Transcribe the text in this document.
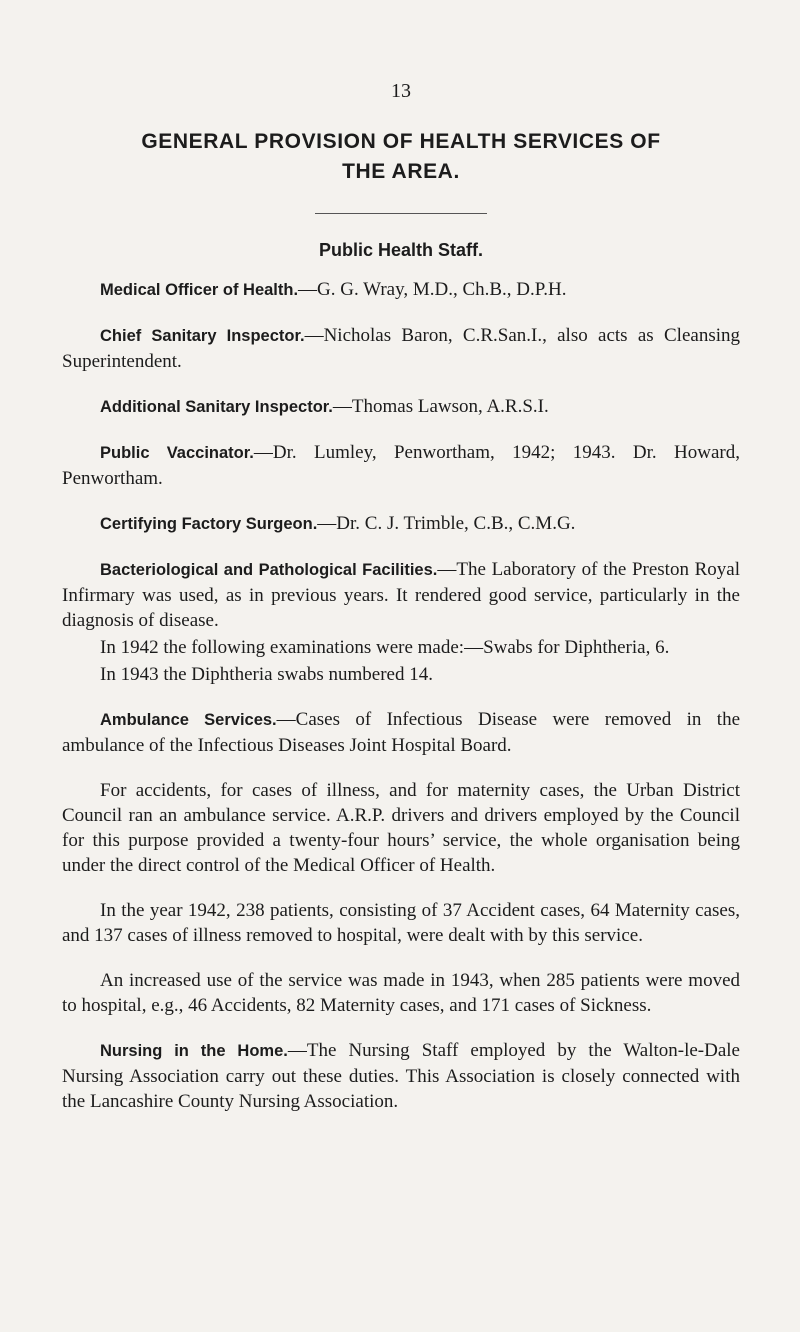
13

GENERAL PROVISION OF HEALTH SERVICES OF
THE AREA.
Public Health Staff.

Medical Officer of Health.—G. G. Wray, M.D., Ch.B., D.P.H.

Chief Sanitary Inspector.—Nicholas Baron, C.R.San.I., also acts as Cleansing Superintendent.

Additional Sanitary Inspector.—Thomas Lawson, A.R.S.I.

Public Vaccinator.—Dr. Lumley, Penwortham, 1942; 1943. Dr. Howard, Penwortham.

Certifying Factory Surgeon.—Dr. C. J. Trimble, C.B., C.M.G.

Bacteriological and Pathological Facilities.—The Laboratory of the Preston Royal Infirmary was used, as in previous years. It rendered good service, particularly in the diagnosis of disease.

In 1942 the following examinations were made:—Swabs for Diphtheria, 6.

In 1943 the Diphtheria swabs numbered 14.

Ambulance Services.—Cases of Infectious Disease were removed in the ambulance of the Infectious Diseases Joint Hospital Board.

For accidents, for cases of illness, and for maternity cases, the Urban District Council ran an ambulance service. A.R.P. drivers and drivers employed by the Council for this purpose provided a twenty-four hours’ service, the whole organisation being under the direct control of the Medical Officer of Health.

In the year 1942, 238 patients, consisting of 37 Accident cases, 64 Maternity cases, and 137 cases of illness removed to hospital, were dealt with by this service.

An increased use of the service was made in 1943, when 285 patients were moved to hospital, e.g., 46 Accidents, 82 Maternity cases, and 171 cases of Sickness.

Nursing in the Home.—The Nursing Staff employed by the Walton-le-Dale Nursing Association carry out these duties. This Association is closely connected with the Lancashire County Nursing Association.
